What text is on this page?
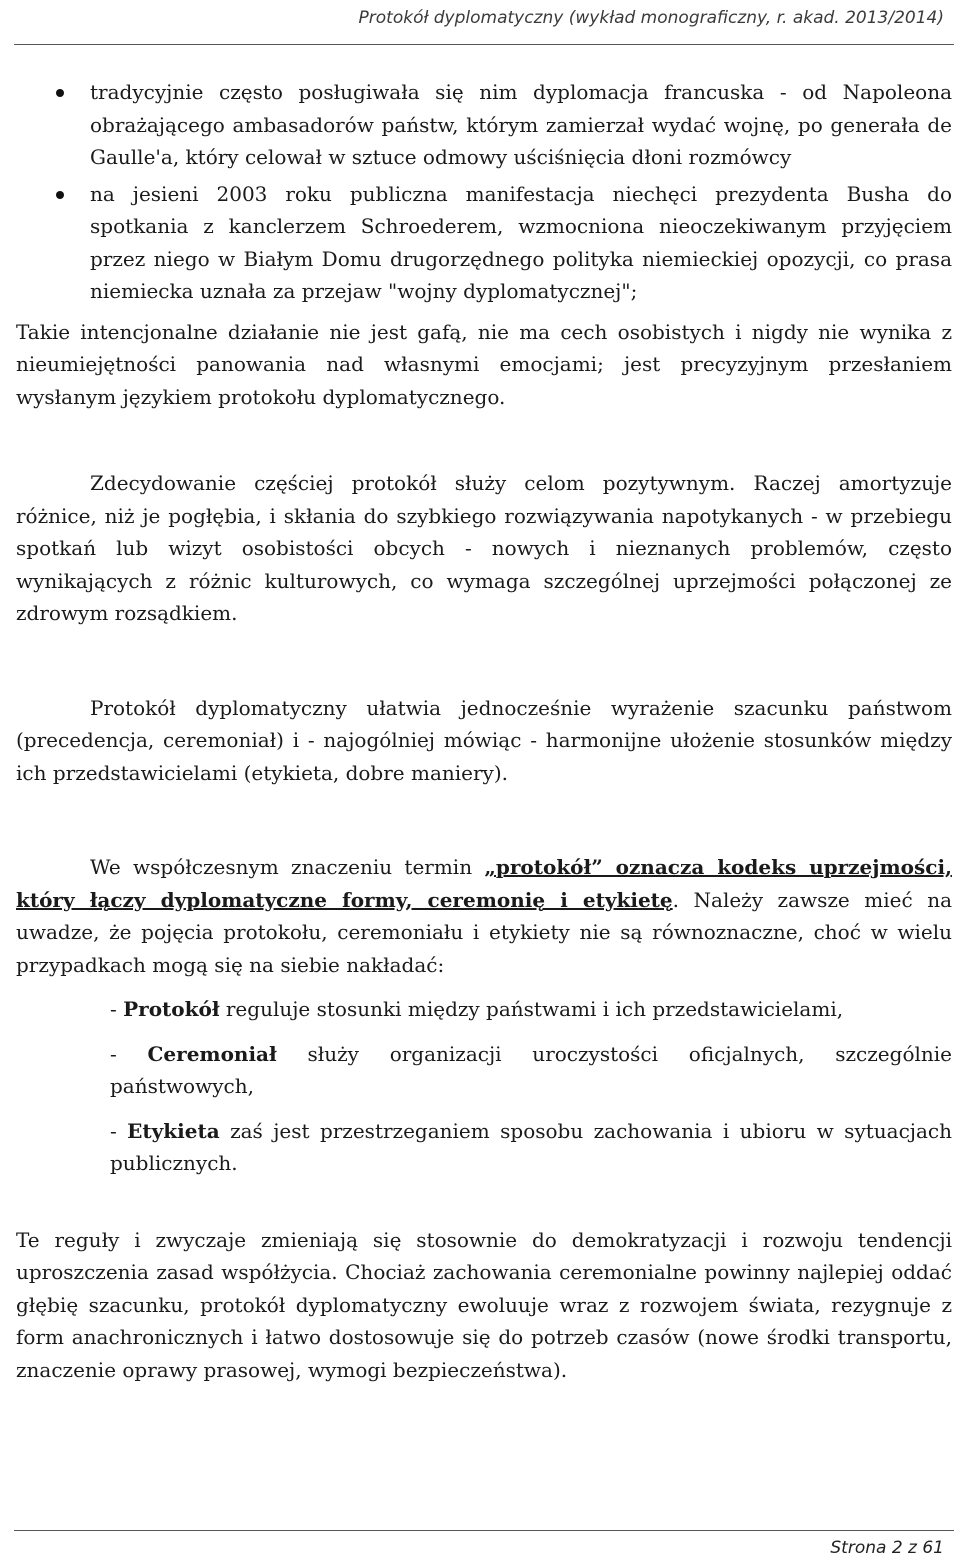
Protokół dyplomatyczny (wykład monograficzny, r. akad. 2013/2014)
tradycyjnie często posługiwała się nim dyplomacja francuska - od Napoleona obrażającego ambasadorów państw, którym zamierzał wydać wojnę, po generała de Gaulle'a, który celował w sztuce odmowy uściśnięcia dłoni rozmówcy
na jesieni 2003 roku publiczna manifestacja niechęci prezydenta Busha do spotkania z kanclerzem Schroederem, wzmocniona nieoczekiwanym przyjęciem przez niego w Białym Domu drugorzędnego polityka niemieckiej opozycji, co prasa niemiecka uznała za przejaw "wojny dyplomatycznej";

Takie intencjonalne działanie nie jest gafą, nie ma cech osobistych i nigdy nie wynika z nieumiejętności panowania nad własnymi emocjami; jest precyzyjnym przesłaniem wysłanym językiem protokołu dyplomatycznego.

Zdecydowanie częściej protokół służy celom pozytywnym. Raczej amortyzuje różnice, niż je pogłębia, i skłania do szybkiego rozwiązywania napotykanych - w przebiegu spotkań lub wizyt osobistości obcych - nowych i nieznanych problemów, często wynikających z różnic kulturowych, co wymaga szczególnej uprzejmości połączonej ze zdrowym rozsądkiem.

Protokół dyplomatyczny ułatwia jednocześnie wyrażenie szacunku państwom (precedencja, ceremoniał) i - najogólniej mówiąc - harmonijne ułożenie stosunków między ich przedstawicielami (etykieta, dobre maniery).

We współczesnym znaczeniu termin „protokół” oznacza kodeks uprzejmości, który łączy dyplomatyczne formy, ceremonię i etykietę. Należy zawsze mieć na uwadze, że pojęcia protokołu, ceremoniału i etykiety nie są równoznaczne, choć w wielu przypadkach mogą się na siebie nakładać:

- Protokół reguluje stosunki między państwami i ich przedstawicielami,
- Ceremoniał służy organizacji uroczystości oficjalnych, szczególnie państwowych,
- Etykieta zaś jest przestrzeganiem sposobu zachowania i ubioru w sytuacjach publicznych.

Te reguły i zwyczaje zmieniają się stosownie do demokratyzacji i rozwoju tendencji uproszczenia zasad współżycia. Chociaż zachowania ceremonialne powinny najlepiej oddać głębię szacunku, protokół dyplomatyczny ewoluuje wraz z rozwojem świata, rezygnuje z form anachronicznych i łatwo dostosowuje się do potrzeb czasów (nowe środki transportu, znaczenie oprawy prasowej, wymogi bezpieczeństwa).

Strona 2 z 61
